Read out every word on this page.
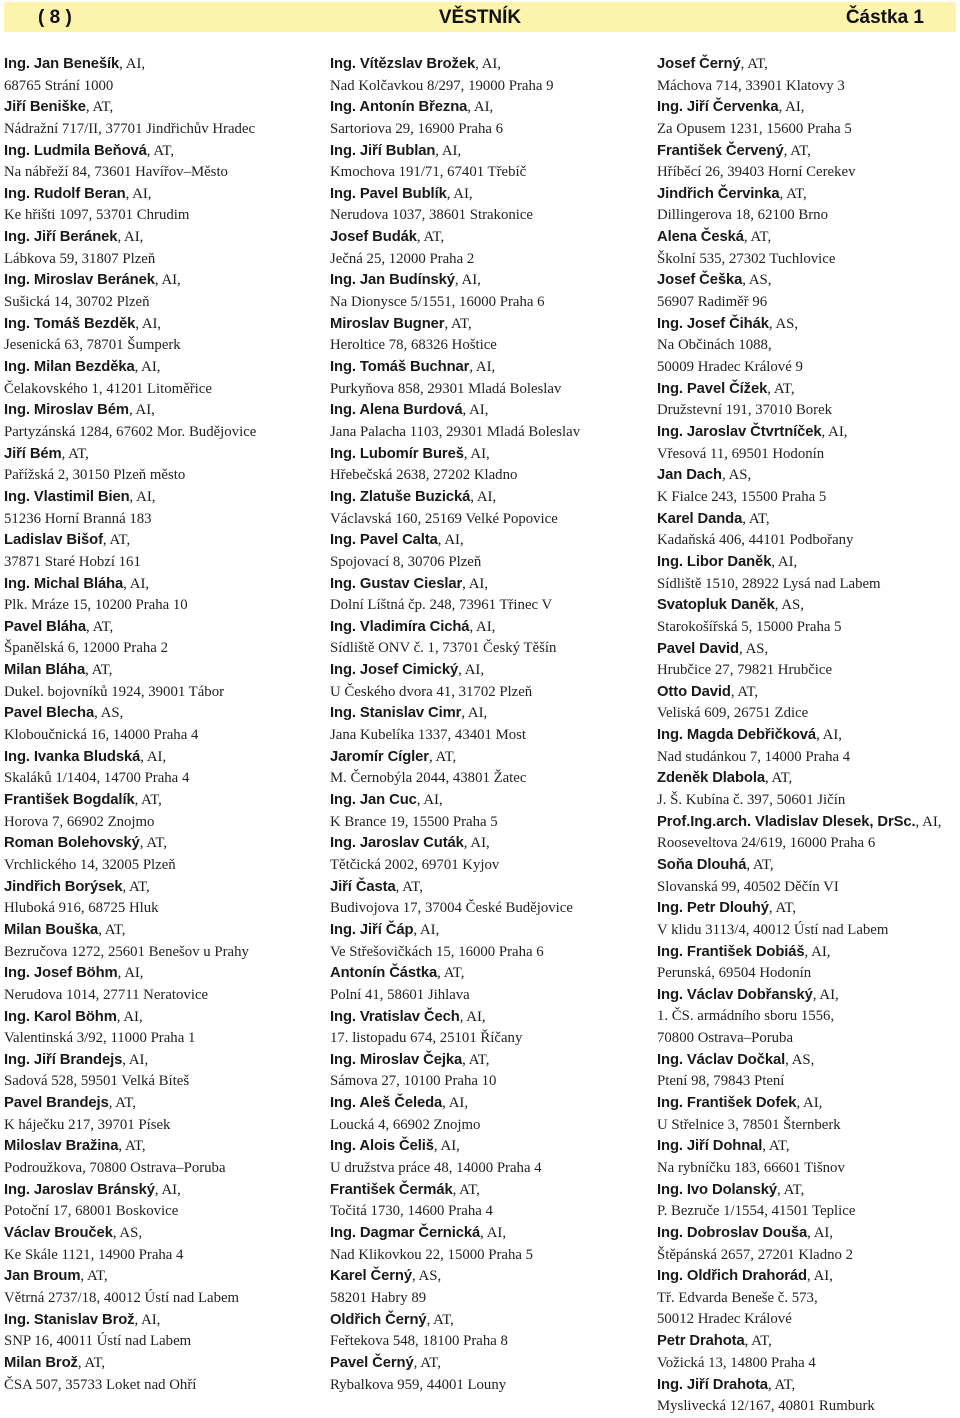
( 8 )	VĚSTNÍK	Částka 1
Ing. Jan Benešík, AI,
68765 Strání 1000
Jiří Beniške, AT,
Nádražní 717/II, 37701 Jindřichův Hradec
Ing. Ludmila Beňová, AT,
Na nábřeží 84, 73601 Havířov–Město
Ing. Rudolf Beran, AI,
Ke hřišti 1097, 53701 Chrudim
Ing. Jiří Beránek, AI,
Lábkova 59, 31807 Plzeň
Ing. Miroslav Beránek, AI,
Sušická 14, 30702 Plzeň
Ing. Tomáš Bezděk, AI,
Jesenická 63, 78701 Šumperk
Ing. Milan Bezděka, AI,
Čelakovského 1, 41201 Litoměřice
Ing. Miroslav Bém, AI,
Partyzánská 1284, 67602 Mor. Budějovice
Jiří Bém, AT,
Pařížská 2, 30150 Plzeň město
Ing. Vlastimil Bien, AI,
51236 Horní Branná 183
Ladislav Bišof, AT,
37871 Staré Hobzí 161
Ing. Michal Bláha, AI,
Plk. Mráze 15, 10200 Praha 10
Pavel Bláha, AT,
Španělská 6, 12000 Praha 2
Milan Bláha, AT,
Dukel. bojovníků 1924, 39001 Tábor
Pavel Blecha, AS,
Kloboučnická 16, 14000 Praha 4
Ing. Ivanka Bludská, AI,
Skaláků 1/1404, 14700 Praha 4
František Bogdalík, AT,
Horova 7, 66902 Znojmo
Roman Bolehovský, AT,
Vrchlického 14, 32005 Plzeň
Jindřich Borýsek, AT,
Hluboká 916, 68725 Hluk
Milan Bouška, AT,
Bezručova 1272, 25601 Benešov u Prahy
Ing. Josef Böhm, AI,
Nerudova 1014, 27711 Neratovice
Ing. Karol Böhm, AI,
Valentinská 3/92, 11000 Praha 1
Ing. Jiří Brandejs, AI,
Sadová 528, 59501 Velká Bíteš
Pavel Brandejs, AT,
K háječku 217, 39701 Písek
Miloslav Bražina, AT,
Podroužkova, 70800 Ostrava–Poruba
Ing. Jaroslav Bránský, AI,
Potoční 17, 68001 Boskovice
Václav Brouček, AS,
Ke Skále 1121, 14900 Praha 4
Jan Broum, AT,
Větrná 2737/18, 40012 Ústí nad Labem
Ing. Stanislav Brož, AI,
SNP 16, 40011 Ústí nad Labem
Milan Brož, AT,
ČSA 507, 35733 Loket nad Ohří
Ing. Vítězslav Brožek, AI,
Nad Kolčavkou 8/297, 19000 Praha 9
Ing. Antonín Března, AI,
Sartoriova 29, 16900 Praha 6
Ing. Jiří Bublan, AI,
Kmochova 191/71, 67401 Třebíč
Ing. Pavel Bublík, AI,
Nerudova 1037, 38601 Strakonice
Josef Budák, AT,
Ječná 25, 12000 Praha 2
Ing. Jan Budínský, AI,
Na Dionysce 5/1551, 16000 Praha 6
Miroslav Bugner, AT,
Heroltice 78, 68326 Hoštice
Ing. Tomáš Buchnar, AI,
Purkyňova 858, 29301 Mladá Boleslav
Ing. Alena Burdová, AI,
Jana Palacha 1103, 29301 Mladá Boleslav
Ing. Lubomír Bureš, AI,
Hřebečská 2638, 27202 Kladno
Ing. Zlatuše Buzická, AI,
Václavská 160, 25169 Velké Popovice
Ing. Pavel Calta, AI,
Spojovací 8, 30706 Plzeň
Ing. Gustav Cieslar, AI,
Dolní Líštná čp. 248, 73961 Třinec V
Ing. Vladimíra Cichá, AI,
Sídliště ONV č. 1, 73701 Český Těšín
Ing. Josef Cimický, AI,
U Českého dvora 41, 31702 Plzeň
Ing. Stanislav Cimr, AI,
Jana Kubelíka 1337, 43401 Most
Jaromír Cígler, AT,
M. Černobýla 2044, 43801 Žatec
Ing. Jan Cuc, AI,
K Brance 19, 15500 Praha 5
Ing. Jaroslav Cuták, AI,
Tětčická 2002, 69701 Kyjov
Jiří Časta, AT,
Budivojova 17, 37004 České Budějovice
Ing. Jiří Čáp, AI,
Ve Střešovičkách 15, 16000 Praha 6
Antonín Částka, AT,
Polní 41, 58601 Jihlava
Ing. Vratislav Čech, AI,
17. listopadu 674, 25101 Říčany
Ing. Miroslav Čejka, AT,
Sámova 27, 10100 Praha 10
Ing. Aleš Čeleda, AI,
Loucká 4, 66902 Znojmo
Ing. Alois Čeliš, AI,
U družstva práce 48, 14000 Praha 4
František Čermák, AT,
Točitá 1730, 14600 Praha 4
Ing. Dagmar Černická, AI,
Nad Klikovkou 22, 15000 Praha 5
Karel Černý, AS,
58201 Habry 89
Oldřich Černý, AT,
Feřtekova 548, 18100 Praha 8
Pavel Černý, AT,
Rybalkova 959, 44001 Louny
Josef Černý, AT,
Máchova 714, 33901 Klatovy 3
Ing. Jiří Červenka, AI,
Za Opusem 1231, 15600 Praha 5
František Červený, AT,
Hříběcí 26, 39403 Horní Cerekev
Jindřich Červinka, AT,
Dillingerova 18, 62100 Brno
Alena Česká, AT,
Školní 535, 27302 Tuchlovice
Josef Češka, AS,
56907 Radiměř 96
Ing. Josef Čihák, AS,
Na Občinách 1088,
50009 Hradec Králové 9
Ing. Pavel Čížek, AT,
Družstevní 191, 37010 Borek
Ing. Jaroslav Čtvrtníček, AI,
Vřesová 11, 69501 Hodonín
Jan Dach, AS,
K Fialce 243, 15500 Praha 5
Karel Danda, AT,
Kadaňská 406, 44101 Podbořany
Ing. Libor Daněk, AI,
Sídliště 1510, 28922 Lysá nad Labem
Svatopluk Daněk, AS,
Starokošířská 5, 15000 Praha 5
Pavel David, AS,
Hrubčice 27, 79821 Hrubčice
Otto David, AT,
Veliská 609, 26751 Zdice
Ing. Magda Debřičková, AI,
Nad studánkou 7, 14000 Praha 4
Zdeněk Dlabola, AT,
J. Š. Kubína č. 397, 50601 Jičín
Prof.Ing.arch. Vladislav Dlesek, DrSc., AI,
Rooseveltova 24/619, 16000 Praha 6
Soňa Dlouhá, AT,
Slovanská 99, 40502 Děčín VI
Ing. Petr Dlouhý, AT,
V klidu 3113/4, 40012 Ústí nad Labem
Ing. František Dobiáš, AI,
Perunská, 69504 Hodonín
Ing. Václav Dobřanský, AI,
1. ČS. armádního sboru 1556,
70800 Ostrava–Poruba
Ing. Václav Dočkal, AS,
Ptení 98, 79843 Ptení
Ing. František Dofek, AI,
U Střelnice 3, 78501 Šternberk
Ing. Jiří Dohnal, AT,
Na rybníčku 183, 66601 Tišnov
Ing. Ivo Dolanský, AT,
P. Bezruče 1/1554, 41501 Teplice
Ing. Dobroslav Douša, AI,
Štěpánská 2657, 27201 Kladno 2
Ing. Oldřich Drahorád, AI,
Tř. Edvarda Beneše č. 573,
50012 Hradec Králové
Petr Drahota, AT,
Vožická 13, 14800 Praha 4
Ing. Jiří Drahota, AT,
Myslivecká 12/167, 40801 Rumburk
